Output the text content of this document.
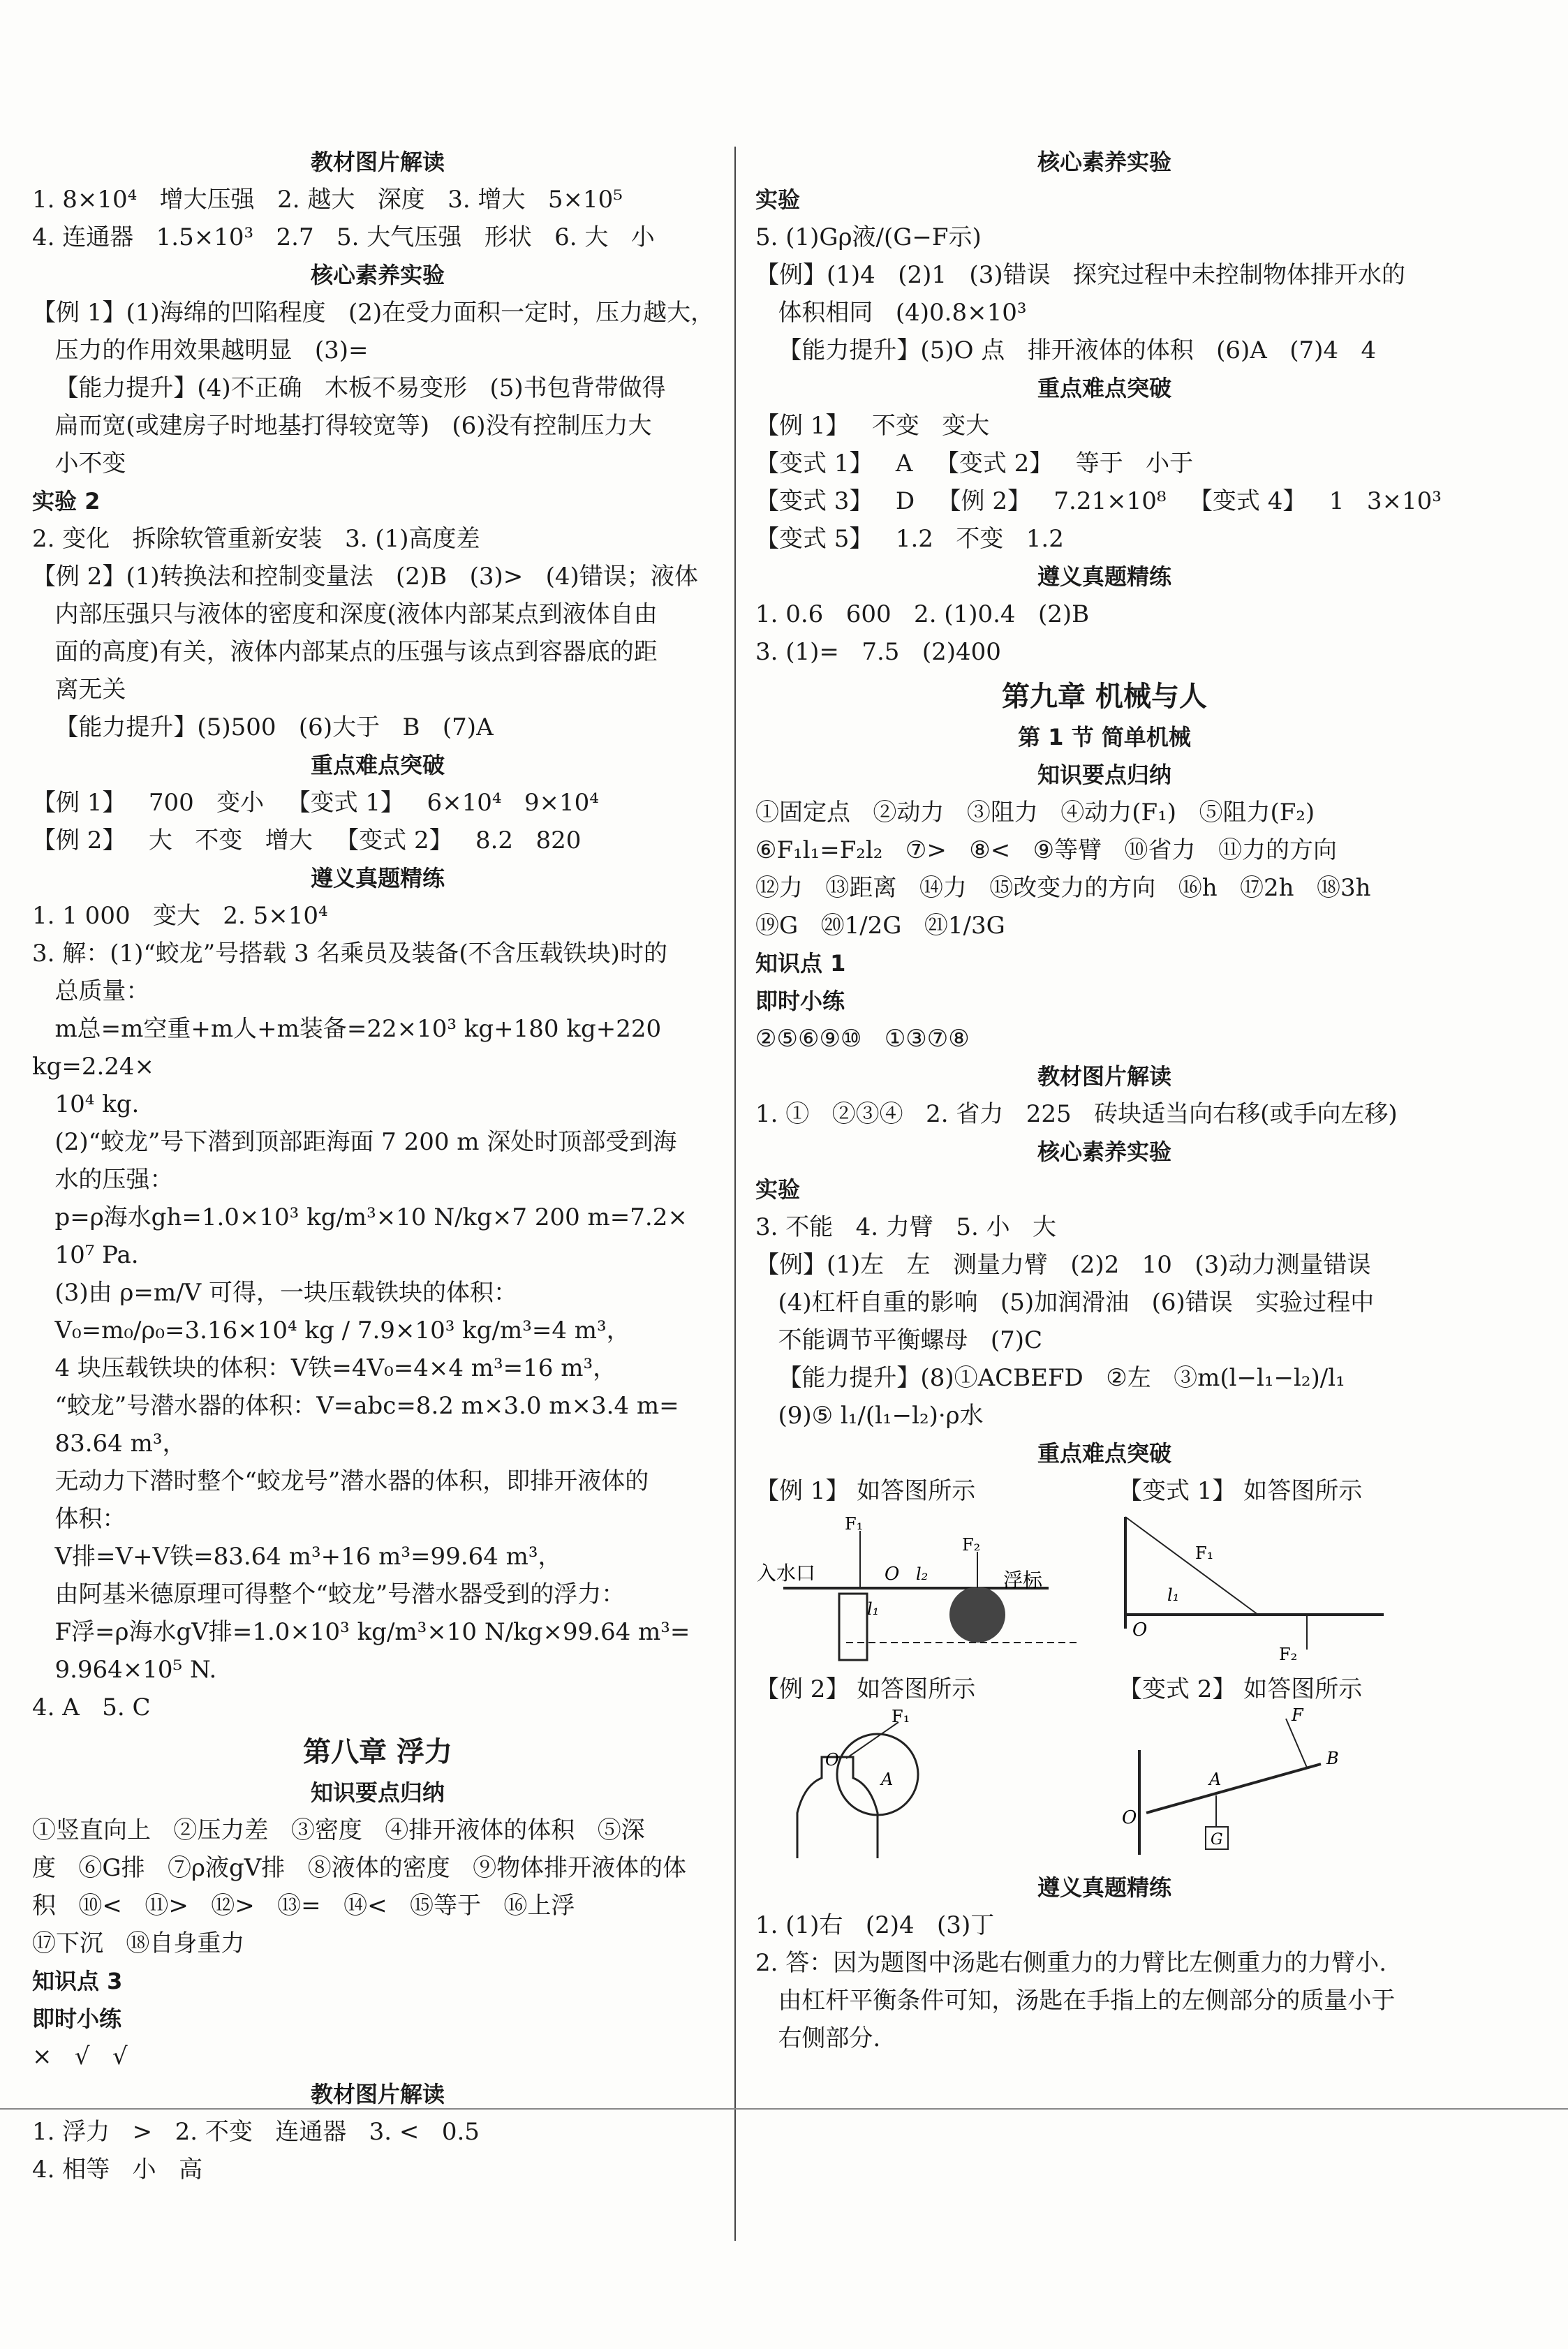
教材图片解读

1. 8×10⁴   增大压强   2. 越大   深度   3. 增大   5×10⁵

4. 连通器   1.5×10³   2.7   5. 大气压强   形状   6. 大   小

核心素养实验

【例 1】(1)海绵的凹陷程度   (2)在受力面积一定时，压力越大，

压力的作用效果越明显   (3)=

【能力提升】(4)不正确   木板不易变形   (5)书包背带做得

扁而宽(或建房子时地基打得较宽等)   (6)没有控制压力大

小不变

实验 2

2. 变化   拆除软管重新安装   3. (1)高度差

【例 2】(1)转换法和控制变量法   (2)B   (3)>   (4)错误；液体

内部压强只与液体的密度和深度(液体内部某点到液体自由

面的高度)有关，液体内部某点的压强与该点到容器底的距

离无关

【能力提升】(5)500   (6)大于   B   (7)A

重点难点突破

【例 1】   700   变小   【变式 1】   6×10⁴   9×10⁴

【例 2】   大   不变   增大   【变式 2】   8.2   820

遵义真题精练

1. 1 000   变大   2. 5×10⁴

3. 解：(1)“蛟龙”号搭载 3 名乘员及装备(不含压载铁块)时的

总质量：

m总=m空重+m人+m装备=22×10³ kg+180 kg+220 kg=2.24×

10⁴ kg.

(2)“蛟龙”号下潜到顶部距海面 7 200 m 深处时顶部受到海

水的压强：

p=ρ海水gh=1.0×10³ kg/m³×10 N/kg×7 200 m=7.2×

10⁷ Pa.

(3)由 ρ=m/V 可得，一块压载铁块的体积：

V₀=m₀/ρ₀=3.16×10⁴ kg / 7.9×10³ kg/m³=4 m³，

4 块压载铁块的体积：V铁=4V₀=4×4 m³=16 m³，

“蛟龙”号潜水器的体积：V=abc=8.2 m×3.0 m×3.4 m=

83.64 m³，

无动力下潜时整个“蛟龙号”潜水器的体积，即排开液体的

体积：

V排=V+V铁=83.64 m³+16 m³=99.64 m³，

由阿基米德原理可得整个“蛟龙”号潜水器受到的浮力：

F浮=ρ海水gV排=1.0×10³ kg/m³×10 N/kg×99.64 m³=

9.964×10⁵ N.

4. A   5. C

第八章 浮力

知识要点归纳

①竖直向上   ②压力差   ③密度   ④排开液体的体积   ⑤深

度   ⑥G排   ⑦ρ液gV排   ⑧液体的密度   ⑨物体排开液体的体

积   ⑩<   ⑪>   ⑫>   ⑬=   ⑭<   ⑮等于   ⑯上浮

⑰下沉   ⑱自身重力

知识点 3

即时小练

×   √   √

教材图片解读

1. 浮力   >   2. 不变   连通器   3. <   0.5

4. 相等   小   高

核心素养实验

实验

5. (1)Gρ液/(G−F示)

【例】(1)4   (2)1   (3)错误   探究过程中未控制物体排开水的

体积相同   (4)0.8×10³

【能力提升】(5)O 点   排开液体的体积   (6)A   (7)4   4

重点难点突破

【例 1】   不变   变大

【变式 1】   A   【变式 2】   等于   小于

【变式 3】   D   【例 2】   7.21×10⁸   【变式 4】   1   3×10³

【变式 5】   1.2   不变   1.2

遵义真题精练

1. 0.6   600   2. (1)0.4   (2)B

3. (1)=   7.5   (2)400

第九章 机械与人

第 1 节 简单机械

知识要点归纳

①固定点   ②动力   ③阻力   ④动力(F₁)   ⑤阻力(F₂)

⑥F₁l₁=F₂l₂   ⑦>   ⑧<   ⑨等臂   ⑩省力   ⑪力的方向

⑫力   ⑬距离   ⑭力   ⑮改变力的方向   ⑯h   ⑰2h   ⑱3h

⑲G   ⑳1/2G   ㉑1/3G

知识点 1

即时小练

②⑤⑥⑨⑩   ①③⑦⑧

教材图片解读

1. ①   ②③④   2. 省力   225   砖块适当向右移(或手向左移)

核心素养实验

实验

3. 不能   4. 力臂   5. 小   大

【例】(1)左   左   测量力臂   (2)2   10   (3)动力测量错误

(4)杠杆自重的影响   (5)加润滑油   (6)错误   实验过程中

不能调节平衡螺母   (7)C

【能力提升】(8)①ACBEFD   ②左   ③m(l−l₁−l₂)/l₁

(9)⑤ l₁/(l₁−l₂)·ρ水

重点难点突破

【例 1】 如答图所示

入水口	浮标
F₁
F₂
O l₂
l₁

【变式 1】 如答图所示

O
F₁
F₂
l₁

【例 2】 如答图所示

F₁
O
A

【变式 2】 如答图所示

O
G
A
B
F

遵义真题精练

1. (1)右   (2)4   (3)丁

2. 答：因为题图中汤匙右侧重力的力臂比左侧重力的力臂小.

由杠杆平衡条件可知，汤匙在手指上的左侧部分的质量小于

右侧部分.
